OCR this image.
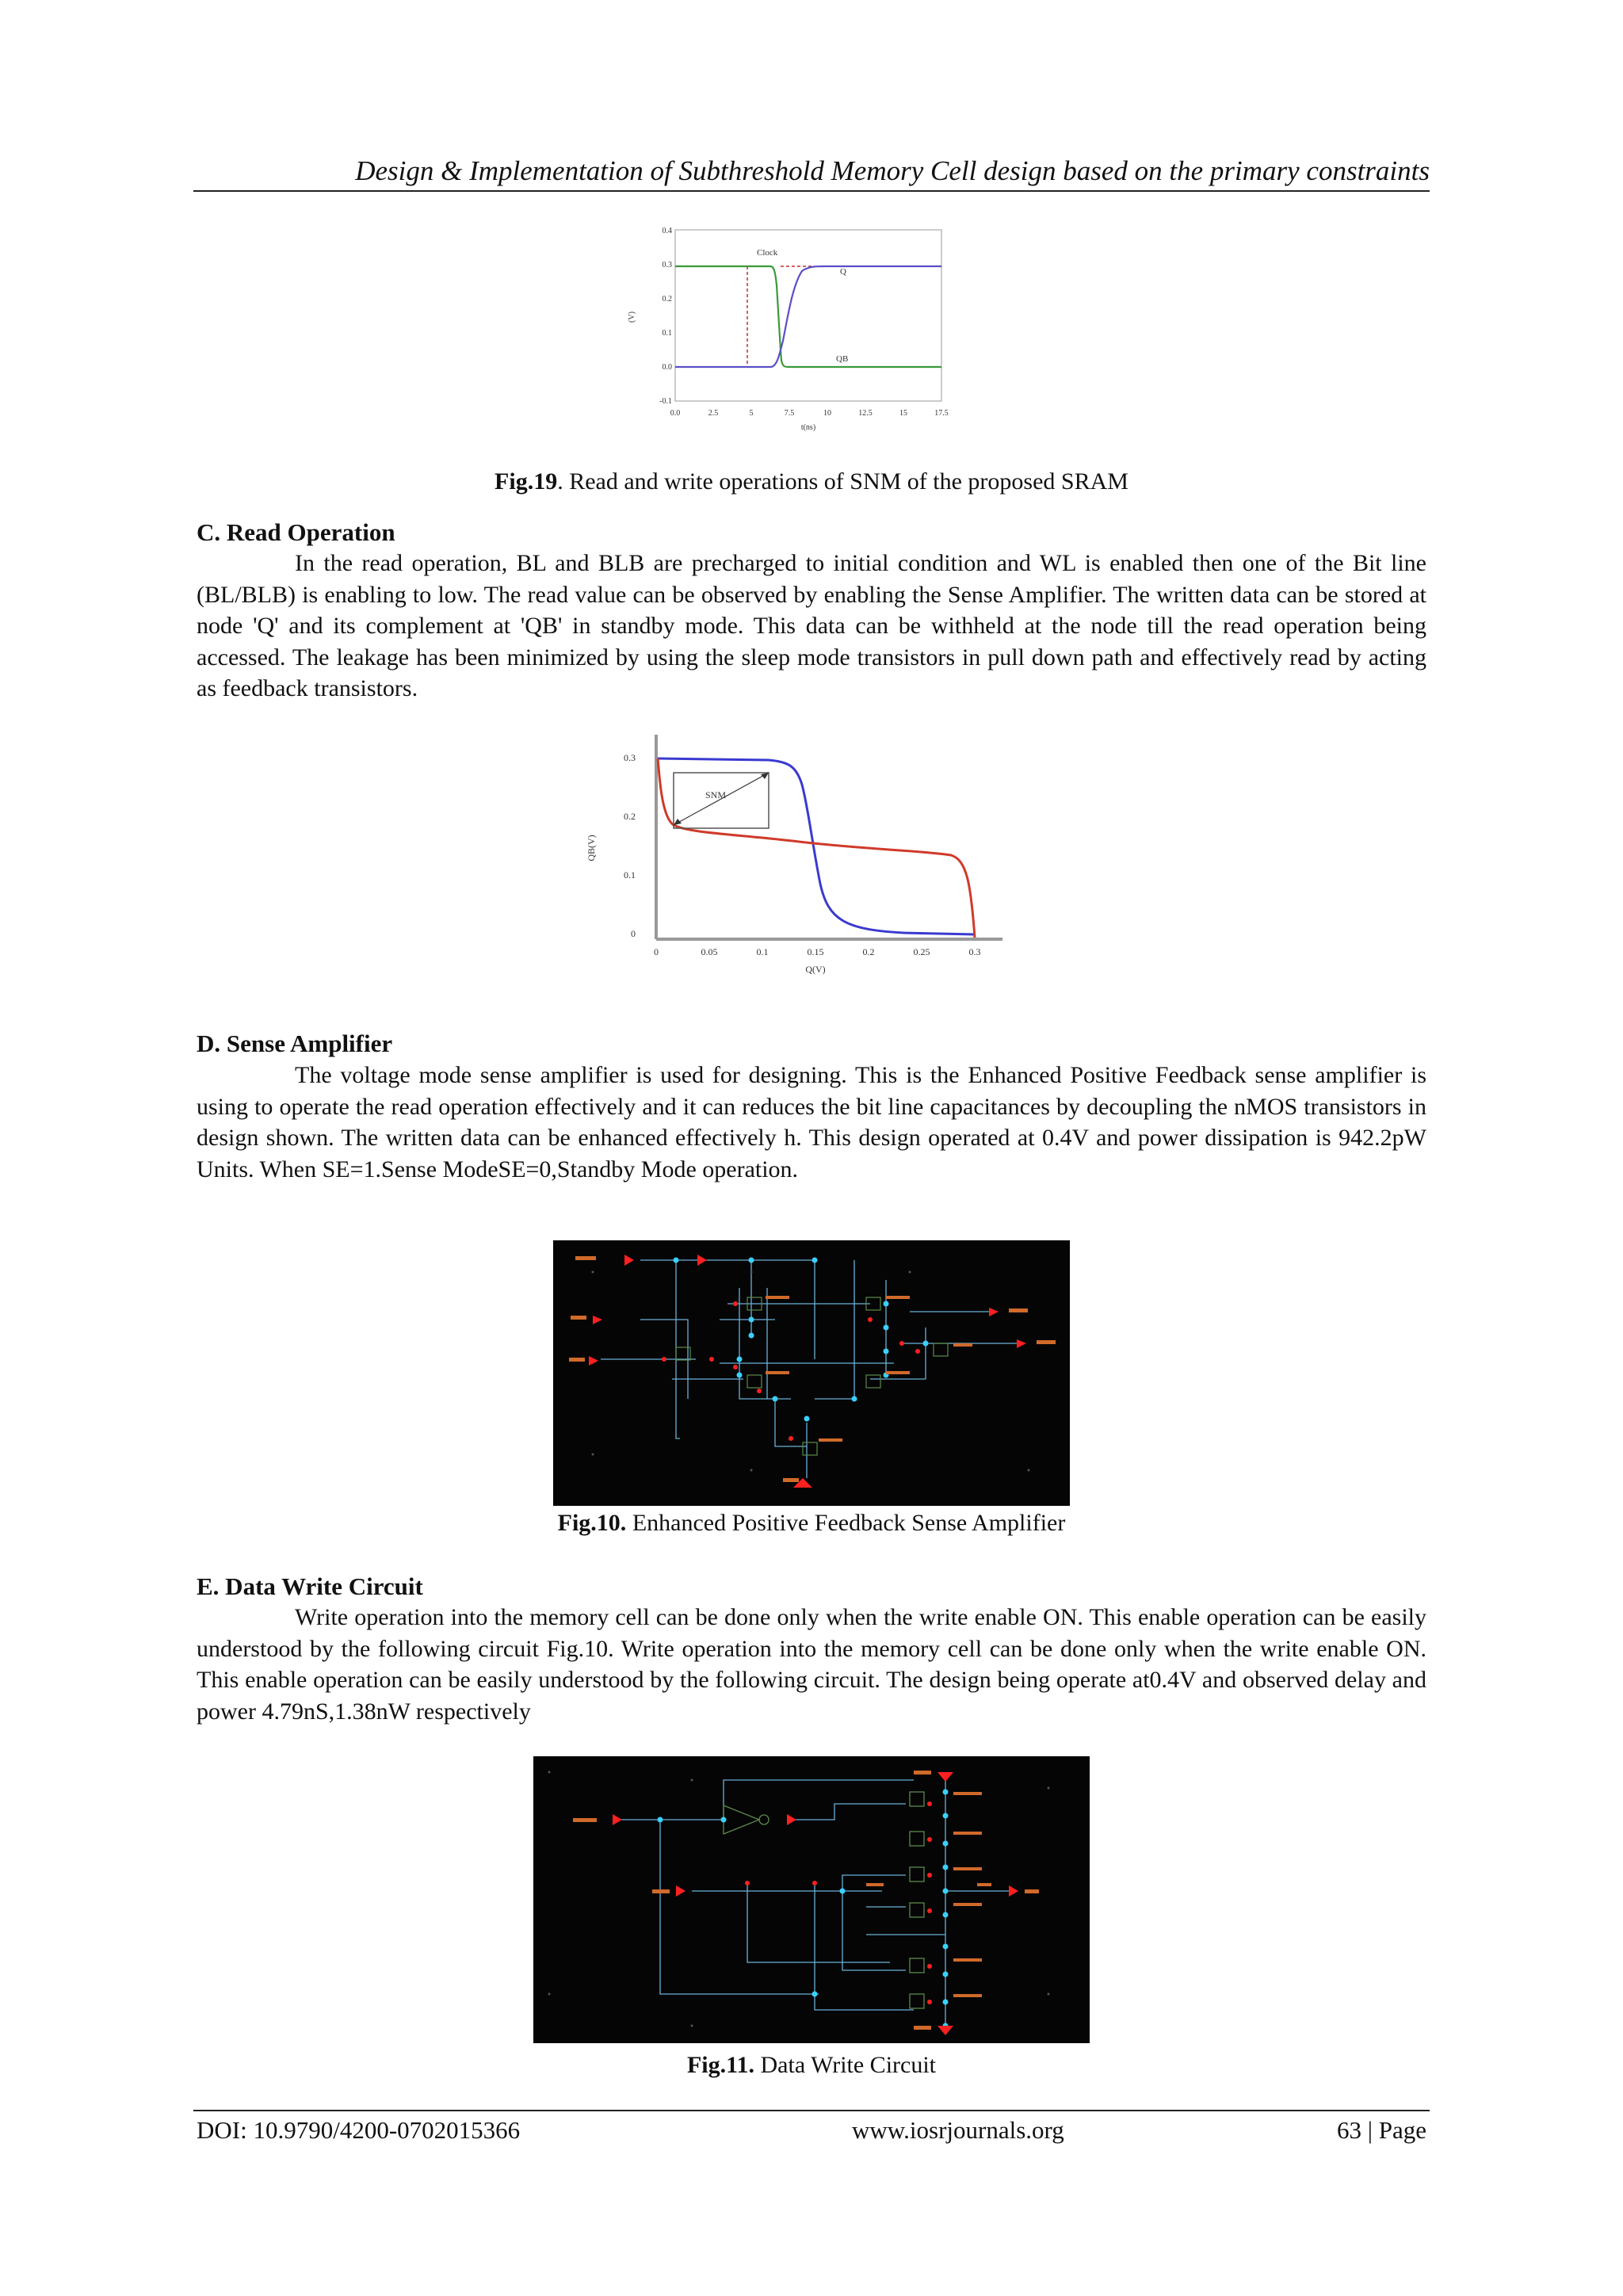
Design & Implementation of Subthreshold Memory Cell design based on the primary constraints
0.4
0.3
0.2
0.1
0.0
-0.1
0.0	2.5	5	7.5	10	12.5	15	17.5
t(ns)
(V)
Clock
Q
QB
Fig.19. Read and write operations of SNM of the proposed SRAM
C. Read Operation
In the read operation, BL and BLB are precharged to initial condition and WL is enabled then one of the Bit line (BL/BLB) is enabling to low. The read value can be observed by enabling the Sense Amplifier. The written data can be stored at node 'Q' and its complement at 'QB' in standby mode. This data can be withheld at the node till the read operation being accessed. The leakage has been minimized by using the sleep mode transistors in pull down path and effectively read by acting as feedback transistors.
0.3
0.2
0.1
0
0	0.05	0.1	0.15	0.2	0.25	0.3
Q(V)
QB(V)
SNM
D. Sense Amplifier
The voltage mode sense amplifier is used for designing. This is the Enhanced Positive Feedback sense amplifier is using to operate the read operation effectively and it can reduces the bit line capacitances by decoupling the nMOS transistors in design shown. The written data can be enhanced effectively h. This design operated at 0.4V and power dissipation is 942.2pW Units. When SE=1.Sense ModeSE=0,Standby Mode operation.
Fig.10. Enhanced Positive Feedback Sense Amplifier
E. Data Write Circuit
Write operation into the memory cell can be done only when the write enable ON. This enable operation can be easily understood by the following circuit Fig.10. Write operation into the memory cell can be done only when the write enable ON. This enable operation can be easily understood by the following circuit. The design being operate at0.4V and observed delay and power 4.79nS,1.38nW respectively
Fig.11. Data Write Circuit
DOI: 10.9790/4200-0702015366	www.iosrjournals.org	63 | Page
